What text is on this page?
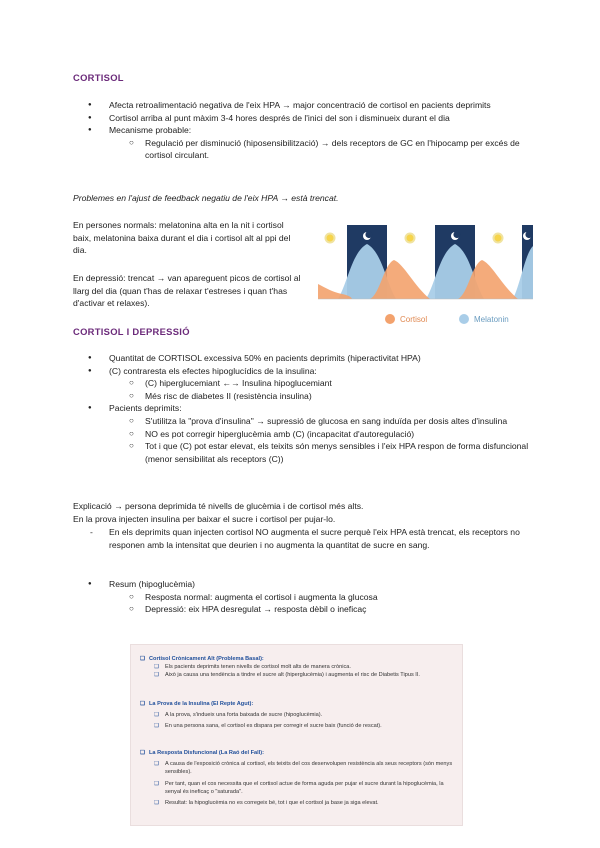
CORTISOL
● Afecta retroalimentació negativa de l'eix HPA → major concentració de cortisol en pacients deprimits
● Cortisol arriba al punt màxim 3-4 hores després de l'inici del son i disminueix durant el dia
● Mecanisme probable:
○ Regulació per disminució (hiposensibilització) → dels receptors de GC en l'hipocamp per excés de cortisol circulant.
Problemes en l'ajust de feedback negatiu de l'eix HPA → està trencat.
En persones normals: melatonina alta en la nit i cortisol baix, melatonina baixa durant el dia i cortisol alt al ppi del dia.
En depressió: trencat → van apareguent picos de cortisol al llarg del dia (quan t'has de relaxar t'estreses i quan t'has d'activar et relaxes).
Cortisol	Melatonin
CORTISOL I DEPRESSIÓ
● Quantitat de CORTISOL excessiva 50% en pacients deprimits (hiperactivitat HPA)
● (C) contraresta els efectes hipoglucídics de la insulina:
○ (C) hiperglucemiant ←→ Insulina hipoglucemiant
○ Més risc de diabetes II (resistència insulina)
● Pacients deprimits:
○ S'utilitza la "prova d'insulina" → supressió de glucosa en sang induïda per dosis altes d'insulina
○ NO es pot corregir hiperglucèmia amb (C) (incapacitat d'autoregulació)
○ Tot i que (C) pot estar elevat, els teixits són menys sensibles i l'eix HPA respon de forma disfuncional (menor sensibilitat als receptors (C))
Explicació → persona deprimida té nivells de glucèmia i de cortisol més alts.
En la prova injecten insulina per baixar el sucre i cortisol per pujar-lo.
- En els deprimits quan injecten cortisol NO augmenta el sucre perquè l'eix HPA està trencat, els receptors no responen amb la intensitat que deurien i no augmenta la quantitat de sucre en sang.
● Resum (hipoglucèmia)
○ Resposta normal: augmenta el cortisol i augmenta la glucosa
○ Depressió: eix HPA desregulat → resposta dèbil o ineficaç
❑ Cortisol Crònicament Alt (Problema Basal):
❑ Els pacients deprimits tenen nivells de cortisol molt alts de manera crònica.
❑ Això ja causa una tendència a tindre el sucre alt (hiperglucèmia) i augmenta el risc de Diabetis Tipus II.
❑ La Prova de la Insulina (El Repte Agut):
❑ A la prova, s'indueix una forta baixada de sucre (hipoglucèmia).
❑ En una persona sana, el cortisol es dispara per corregir el sucre baix (funció de rescat).
❑ La Resposta Disfuncional (La Raó del Fall):
❑ A causa de l'exposició crònica al cortisol, els teixits del cos desenvolupen resistència als seus receptors (són menys sensibles).
❑ Per tant, quan el cos necessita que el cortisol actue de forma aguda per pujar el sucre durant la hipoglucèmia, la senyal és ineficaç o "saturada".
❑ Resultat: la hipoglucèmia no es corregeix bé, tot i que el cortisol ja base ja siga elevat.
